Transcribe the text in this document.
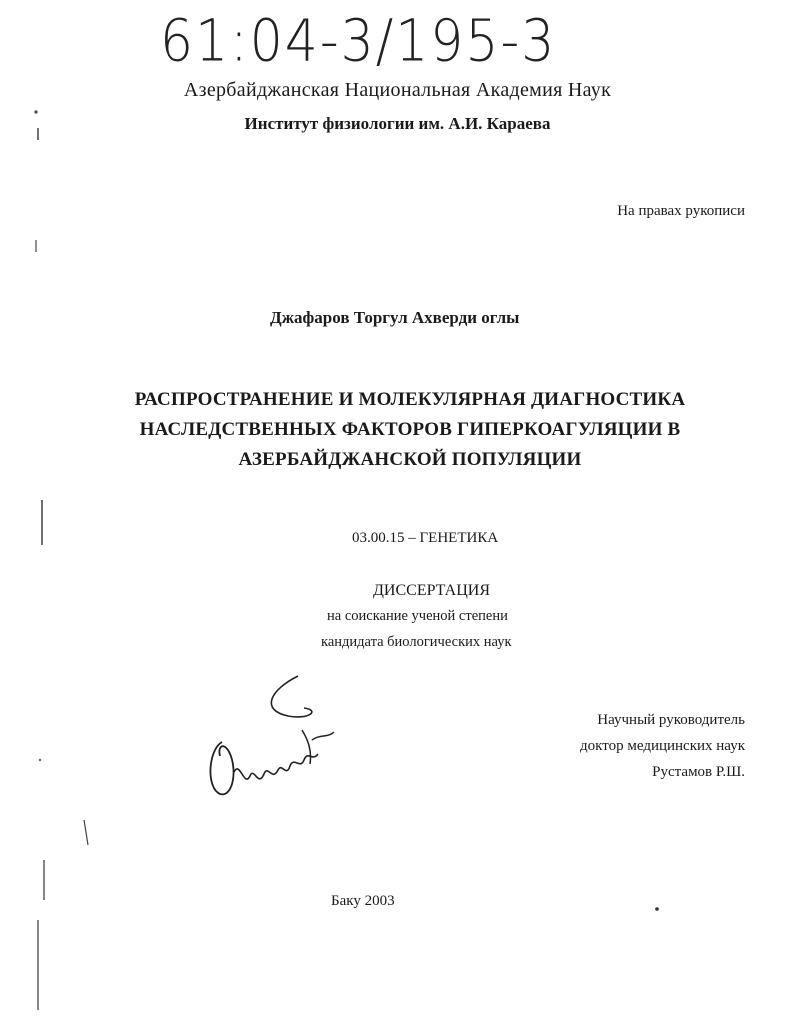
61:04-3/195-3
Азербайджанская Национальная Академия Наук
Институт физиологии им. А.И. Караева
На правах рукописи
Джафаров Торгул Ахверди оглы
РАСПРОСТРАНЕНИЕ И МОЛЕКУЛЯРНАЯ ДИАГНОСТИКА
НАСЛЕДСТВЕННЫХ ФАКТОРОВ ГИПЕРКОАГУЛЯЦИИ В
АЗЕРБАЙДЖАНСКОЙ ПОПУЛЯЦИИ
03.00.15 – ГЕНЕТИКА
ДИССЕРТАЦИЯ
на соискание ученой степени
кандидата биологических наук
Научный руководитель
доктор медицинских наук
Рустамов Р.Ш.
Баку 2003
